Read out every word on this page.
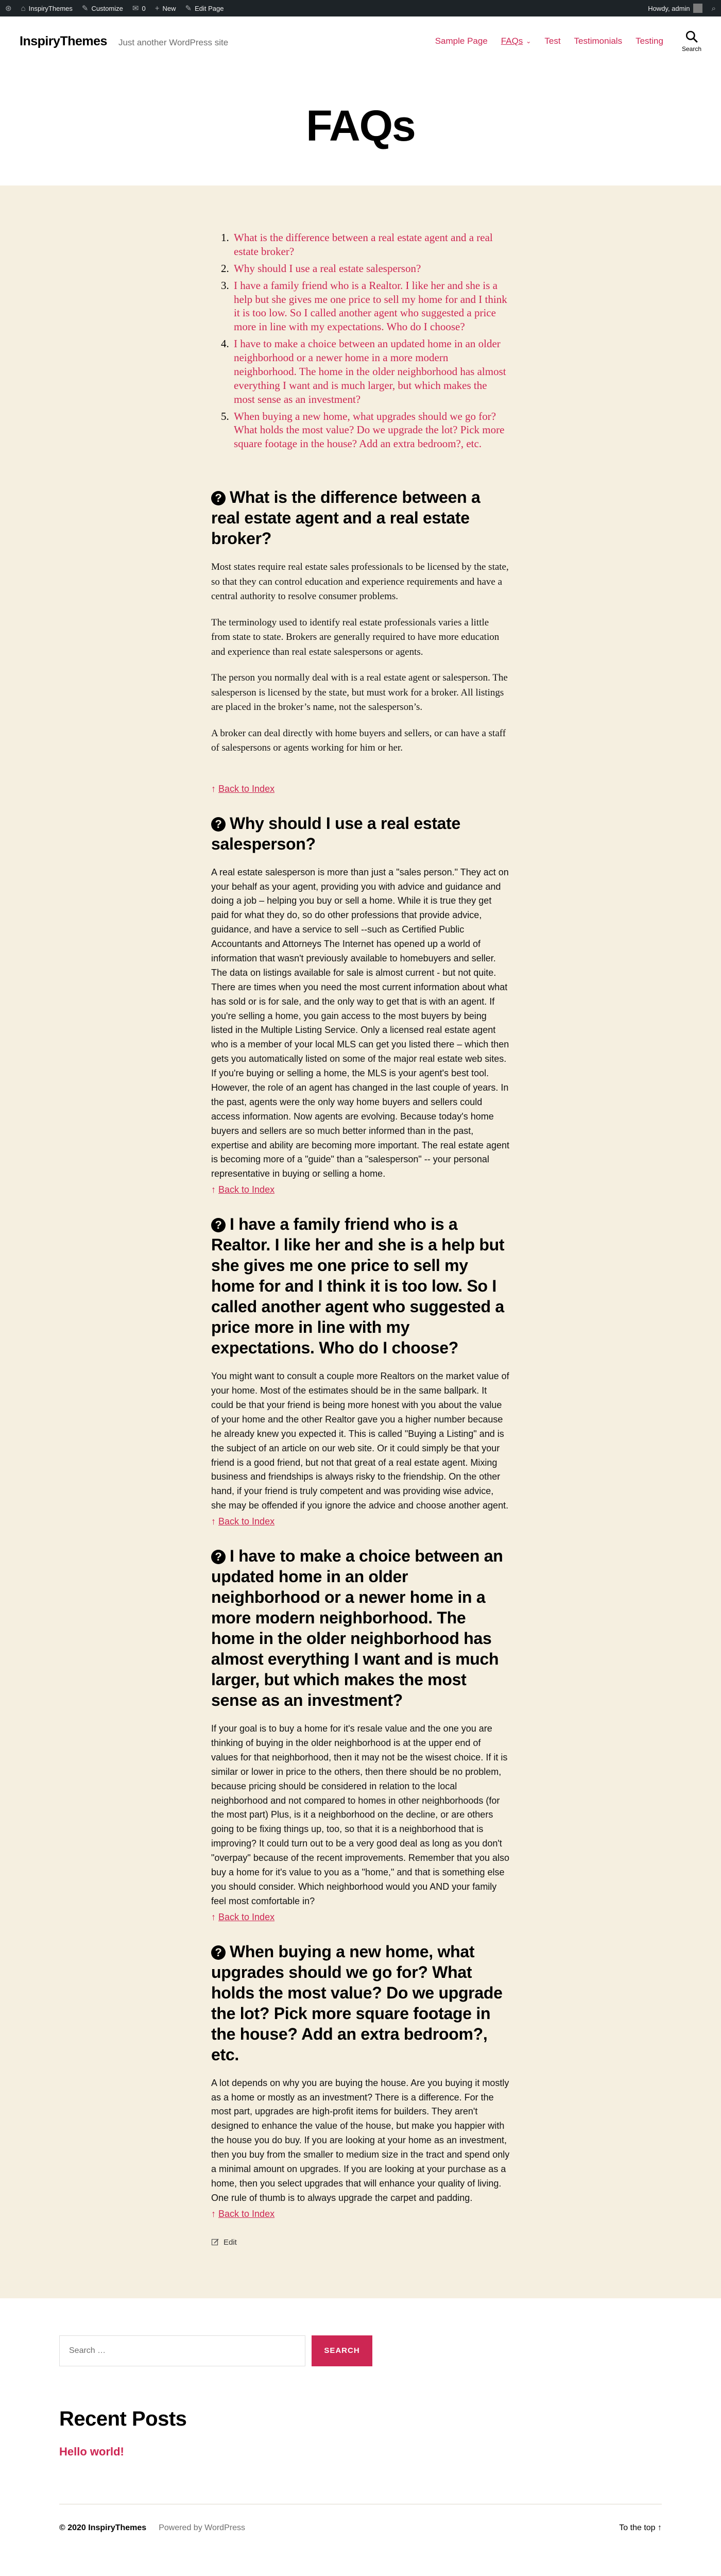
⊛ ⌂ InspiryThemes ✎ Customize ✉ 0 + New ✎ Edit Page	Howdy, admin	⌕
InspiryThemes Just another WordPress site	Sample Page FAQs ⌄ Test Testimonials Testing
Search
FAQs
1. What is the difference between a real estate agent and a real estate broker?
2. Why should I use a real estate salesperson?
3. I have a family friend who is a Realtor. I like her and she is a help but she gives me one price to sell my home for and I think it is too low. So I called another agent who suggested a price more in line with my expectations. Who do I choose?
4. I have to make a choice between an updated home in an older neighborhood or a newer home in a more modern neighborhood. The home in the older neighborhood has almost everything I want and is much larger, but which makes the most sense as an investment?
5. When buying a new home, what upgrades should we go for? What holds the most value? Do we upgrade the lot? Pick more square footage in the house? Add an extra bedroom?, etc.
? What is the difference between a real estate agent and a real estate broker?

Most states require real estate sales professionals to be licensed by the state, so that they can control education and experience requirements and have a central authority to resolve consumer problems.

The terminology used to identify real estate professionals varies a little from state to state. Brokers are generally required to have more education and experience than real estate salespersons or agents.

The person you normally deal with is a real estate agent or salesperson. The salesperson is licensed by the state, but must work for a broker. All listings are placed in the broker’s name, not the salesperson’s.

A broker can deal directly with home buyers and sellers, or can have a staff of salespersons or agents working for him or her.

↑ Back to Index
? Why should I use a real estate salesperson?

A real estate salesperson is more than just a "sales person." They act on your behalf as your agent, providing you with advice and guidance and doing a job – helping you buy or sell a home. While it is true they get paid for what they do, so do other professions that provide advice, guidance, and have a service to sell --such as Certified Public Accountants and Attorneys The Internet has opened up a world of information that wasn't previously available to homebuyers and seller. The data on listings available for sale is almost current - but not quite. There are times when you need the most current information about what has sold or is for sale, and the only way to get that is with an agent. If you're selling a home, you gain access to the most buyers by being listed in the Multiple Listing Service. Only a licensed real estate agent who is a member of your local MLS can get you listed there – which then gets you automatically listed on some of the major real estate web sites. If you're buying or selling a home, the MLS is your agent's best tool. However, the role of an agent has changed in the last couple of years. In the past, agents were the only way home buyers and sellers could access information. Now agents are evolving. Because today's home buyers and sellers are so much better informed than in the past, expertise and ability are becoming more important. The real estate agent is becoming more of a "guide" than a "salesperson" -- your personal representative in buying or selling a home.

↑ Back to Index
? I have a family friend who is a Realtor. I like her and she is a help but she gives me one price to sell my home for and I think it is too low. So I called another agent who suggested a price more in line with my expectations. Who do I choose?

You might want to consult a couple more Realtors on the market value of your home. Most of the estimates should be in the same ballpark. It could be that your friend is being more honest with you about the value of your home and the other Realtor gave you a higher number because he already knew you expected it. This is called "Buying a Listing" and is the subject of an article on our web site. Or it could simply be that your friend is a good friend, but not that great of a real estate agent. Mixing business and friendships is always risky to the friendship. On the other hand, if your friend is truly competent and was providing wise advice, she may be offended if you ignore the advice and choose another agent.

↑ Back to Index
? I have to make a choice between an updated home in an older neighborhood or a newer home in a more modern neighborhood. The home in the older neighborhood has almost everything I want and is much larger, but which makes the most sense as an investment?

If your goal is to buy a home for it's resale value and the one you are thinking of buying in the older neighborhood is at the upper end of values for that neighborhood, then it may not be the wisest choice. If it is similar or lower in price to the others, then there should be no problem, because pricing should be considered in relation to the local neighborhood and not compared to homes in other neighborhoods (for the most part) Plus, is it a neighborhood on the decline, or are others going to be fixing things up, too, so that it is a neighborhood that is improving? It could turn out to be a very good deal as long as you don't "overpay" because of the recent improvements. Remember that you also buy a home for it's value to you as a "home," and that is something else you should consider. Which neighborhood would you AND your family feel most comfortable in?

↑ Back to Index
? When buying a new home, what upgrades should we go for? What holds the most value? Do we upgrade the lot? Pick more square footage in the house? Add an extra bedroom?, etc.

A lot depends on why you are buying the house. Are you buying it mostly as a home or mostly as an investment? There is a difference. For the most part, upgrades are high-profit items for builders. They aren't designed to enhance the value of the house, but make you happier with the house you do buy. If you are looking at your home as an investment, then you buy from the smaller to medium size in the tract and spend only a minimal amount on upgrades. If you are looking at your purchase as a home, then you select upgrades that will enhance your quality of living. One rule of thumb is to always upgrade the carpet and padding.

↑ Back to Index
Edit
Search …	SEARCH
Recent Posts
Hello world!
© 2020 InspiryThemes Powered by WordPress	To the top ↑
